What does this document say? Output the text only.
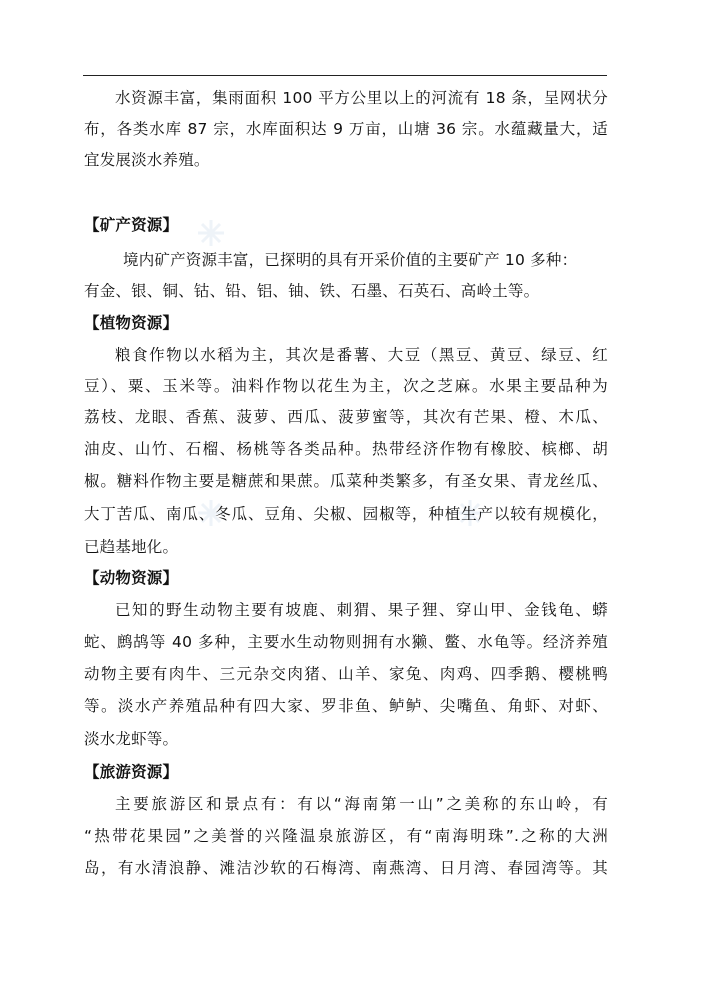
水资源丰富，集雨面积 100 平方公里以上的河流有 18 条，呈网状分
布，各类水库 87 宗，水库面积达 9 万亩，山塘 36 宗。水蕴藏量大，适
宜发展淡水养殖。
【矿产资源】
境内矿产资源丰富，已探明的具有开采价值的主要矿产 10 多种：
有金、银、铜、钴、铅、铝、铀、铁、石墨、石英石、高岭土等。
【植物资源】
粮食作物以水稻为主，其次是番薯、大豆（黑豆、黄豆、绿豆、红
豆）、粟、玉米等。油料作物以花生为主，次之芝麻。水果主要品种为
荔枝、龙眼、香蕉、菠萝、西瓜、菠萝蜜等，其次有芒果、橙、木瓜、
油皮、山竹、石榴、杨桃等各类品种。热带经济作物有橡胶、槟榔、胡
椒。糖料作物主要是糖蔗和果蔗。瓜菜种类繁多，有圣女果、青龙丝瓜、
大丁苦瓜、南瓜、冬瓜、豆角、尖椒、园椒等，种植生产以较有规模化，
已趋基地化。
【动物资源】
已知的野生动物主要有坡鹿、刺猬、果子狸、穿山甲、金钱龟、蟒
蛇、鹧鸪等 40 多种，主要水生动物则拥有水獭、鳖、水龟等。经济养殖
动物主要有肉牛、三元杂交肉猪、山羊、家兔、肉鸡、四季鹅、樱桃鸭
等。淡水产养殖品种有四大家、罗非鱼、鲈鲈、尖嘴鱼、角虾、对虾、
淡水龙虾等。
【旅游资源】
主要旅游区和景点有：有以“海南第一山”之美称的东山岭，有
“热带花果园”之美誉的兴隆温泉旅游区，有“南海明珠”.之称的大洲
岛，有水清浪静、滩洁沙软的石梅湾、南燕湾、日月湾、春园湾等。其
